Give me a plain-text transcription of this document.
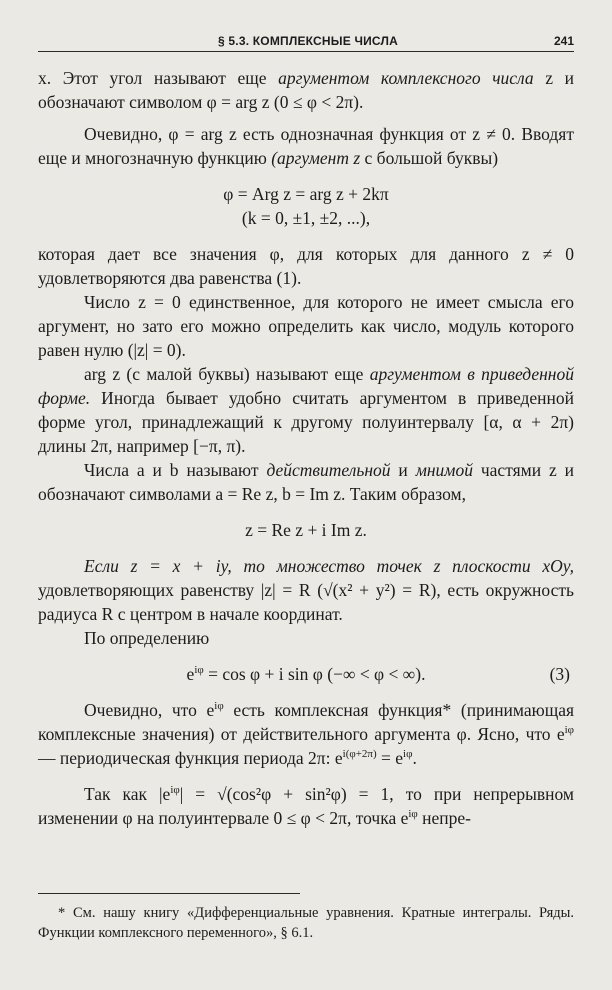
§ 5.3. КОМПЛЕКСНЫЕ ЧИСЛА	241

x. Этот угол называют еще аргументом комплексного числа z и обозначают символом φ = arg z (0 ≤ φ < 2π).

Очевидно, φ = arg z есть однозначная функция от z ≠ 0. Вводят еще и многозначную функцию (аргумент z с большой буквы)

φ = Arg z = arg z + 2kπ

(k = 0, ±1, ±2, ...),

которая дает все значения φ, для которых для данного z ≠ 0 удовлетворяются два равенства (1).

Число z = 0 единственное, для которого не имеет смысла его аргумент, но зато его можно определить как число, модуль которого равен нулю (|z| = 0).

arg z (с малой буквы) называют еще аргументом в приведенной форме. Иногда бывает удобно считать аргументом в приведенной форме угол, принадлежащий к другому полуинтервалу [α, α + 2π) длины 2π, например [−π, π).

Числа a и b называют действительной и мнимой частями z и обозначают символами a = Re z, b = Im z. Таким образом,

z = Re z + i Im z.

Если z = x + iy, то множество точек z плоскости xOy, удовлетворяющих равенству |z| = R (√(x² + y²) = R), есть окружность радиуса R с центром в начале координат.

По определению

$e^{i\varphi} = \cos \varphi + i$ sin φ (−∞ < φ < ∞).	(3)

Очевидно, что $e^{i\varphi}$ есть комплексная функция* (принимающая комплексные значения) от действительного аргумента φ. Ясно, что $e^{i\varphi}$ — периодическая функция периода 2π: $e^{i(\varphi+2\pi)} = e^{i\varphi}$.

Так как $|e^{i\varphi}| = √(\cos^2\varphi + \sin^2\varphi) = 1$, то при непрерывном изменении φ на полуинтервале 0 ≤ φ < 2π, точка $e^{i\varphi}$ непре-

* См. нашу книгу «Дифференциальные уравнения. Кратные интегралы. Ряды. Функции комплексного переменного», § 6.1.
